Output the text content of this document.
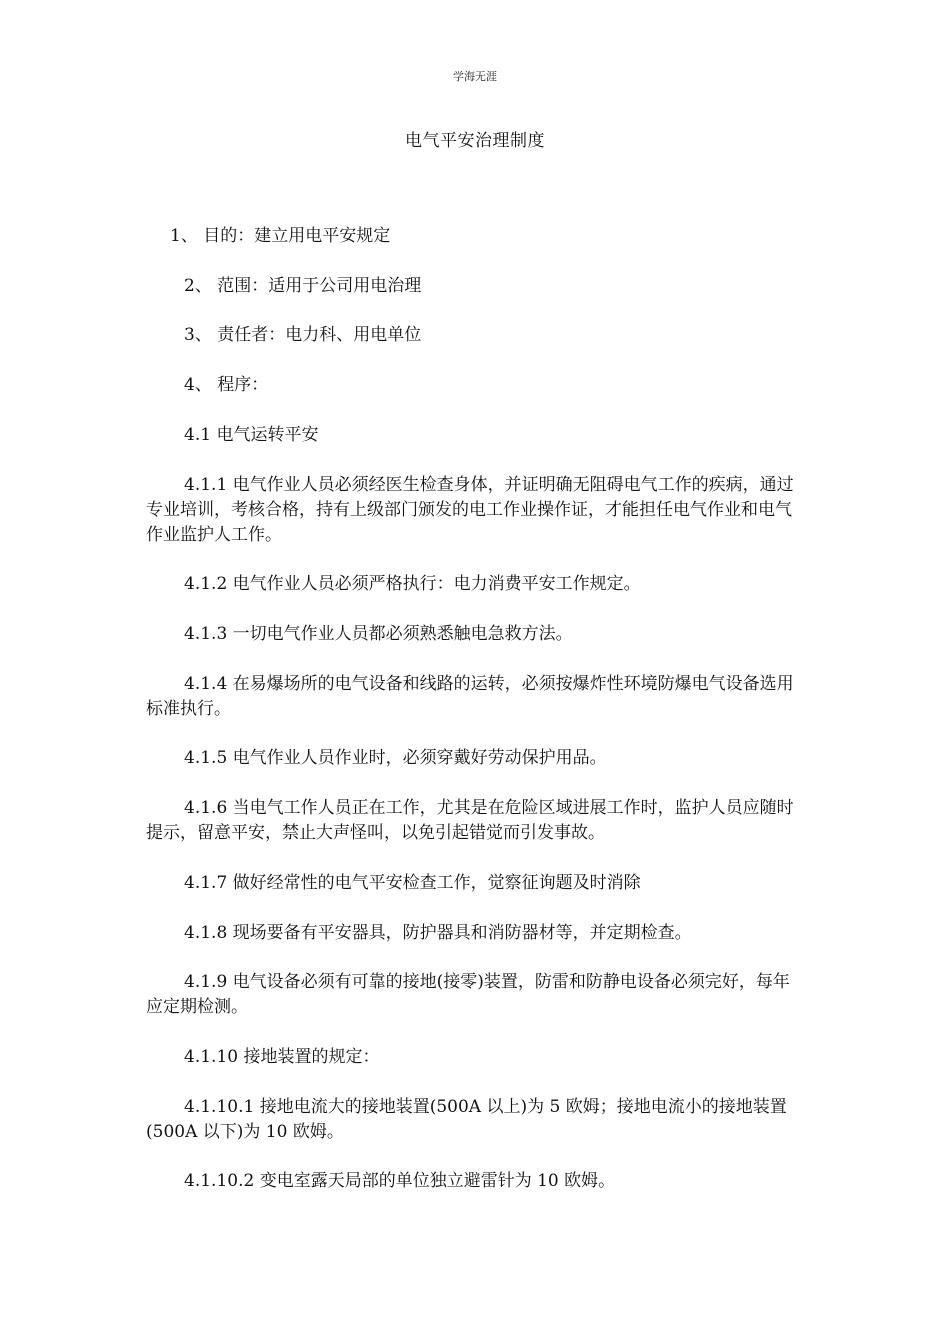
学海无涯
电气平安治理制度
1、 目的：建立用电平安规定
2、 范围：适用于公司用电治理
3、 责任者：电力科、用电单位
4、 程序：
4.1 电气运转平安
4.1.1 电气作业人员必须经医生检查身体，并证明确无阻碍电气工作的疾病，通过专业培训，考核合格，持有上级部门颁发的电工作业操作证，才能担任电气作业和电气作业监护人工作。
4.1.2 电气作业人员必须严格执行：电力消费平安工作规定。
4.1.3 一切电气作业人员都必须熟悉触电急救方法。
4.1.4 在易爆场所的电气设备和线路的运转，必须按爆炸性环境防爆电气设备选用标准执行。
4.1.5 电气作业人员作业时，必须穿戴好劳动保护用品。
4.1.6 当电气工作人员正在工作，尤其是在危险区域进展工作时，监护人员应随时提示，留意平安，禁止大声怪叫，以免引起错觉而引发事故。
4.1.7 做好经常性的电气平安检查工作，觉察征询题及时消除
4.1.8 现场要备有平安器具，防护器具和消防器材等，并定期检查。
4.1.9 电气设备必须有可靠的接地(接零)装置，防雷和防静电设备必须完好，每年应定期检测。
4.1.10 接地装置的规定：
4.1.10.1 接地电流大的接地装置(500A 以上)为 5 欧姆；接地电流小的接地装置(500A 以下)为 10 欧姆。
4.1.10.2 变电室露天局部的单位独立避雷针为 10 欧姆。
